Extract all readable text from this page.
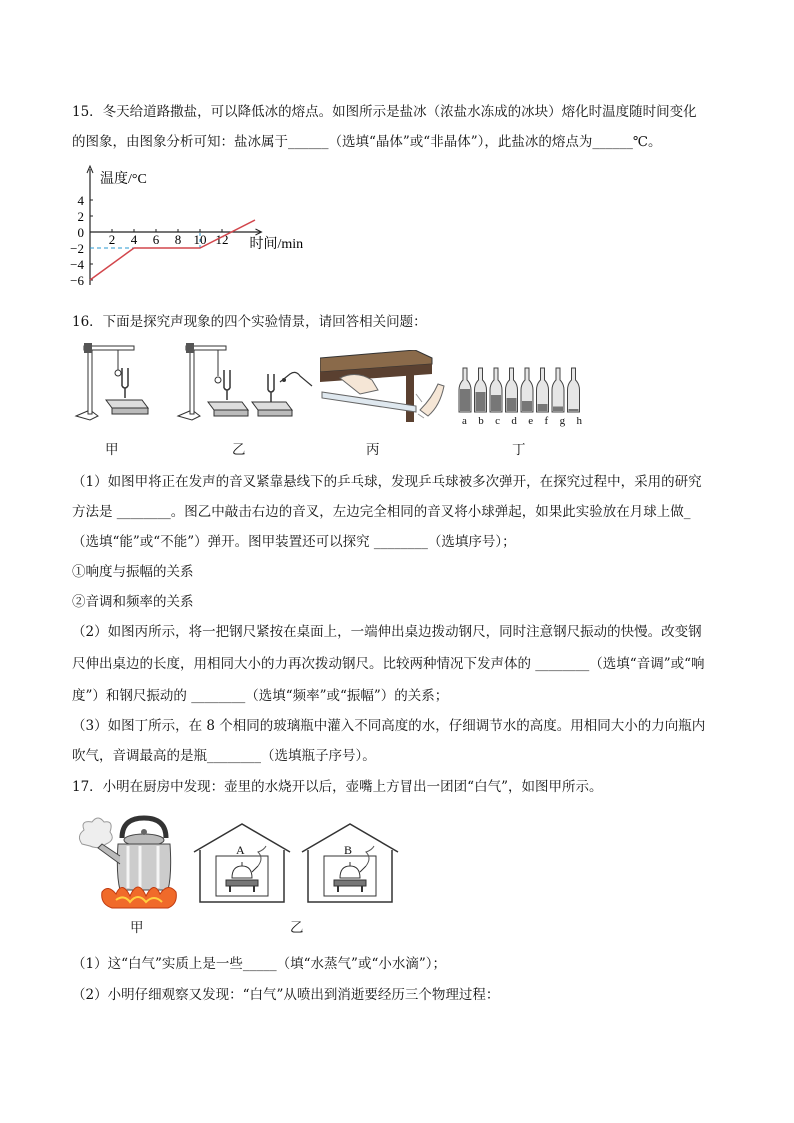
15．冬天给道路撒盐，可以降低冰的熔点。如图所示是盐冰（浓盐水冻成的冰块）熔化时温度随时间变化
的图象，由图象分析可知：盐冰属于______（选填“晶体”或“非晶体”），此盐冰的熔点为______℃。
温度/°C
时间/min
4
2
0
−2
−4
−6
2 4 6 8 10 12
16．下面是探究声现象的四个实验情景，请回答相关问题：
甲	乙	丙
a b c d e f g h
丁
（1）如图甲将正在发声的音叉紧靠悬线下的乒乓球，发现乒乓球被多次弹开，在探究过程中，采用的研究
方法是 ________。图乙中敲击右边的音叉，左边完全相同的音叉将小球弹起，如果此实验放在月球上做_
（选填“能”或“不能”）弹开。图甲装置还可以探究 ________（选填序号）；
①响度与振幅的关系
②音调和频率的关系
（2）如图丙所示，将一把钢尺紧按在桌面上，一端伸出桌边拨动钢尺，同时注意钢尺振动的快慢。改变钢
尺伸出桌边的长度，用相同大小的力再次拨动钢尺。比较两种情况下发声体的 ________（选填“音调”或“响
度”）和钢尺振动的 ________（选填“频率”或“振幅”）的关系；
（3）如图丁所示，在 8 个相同的玻璃瓶中灌入不同高度的水，仔细调节水的高度。用相同大小的力向瓶内
吹气，音调最高的是瓶________（选填瓶子序号）。
17．小明在厨房中发现：壶里的水烧开以后，壶嘴上方冒出一团团“白气”，如图甲所示。
甲
A	B
乙
（1）这“白气”实质上是一些_____（填“水蒸气”或“小水滴”）；
（2）小明仔细观察又发现：“白气”从喷出到消逝要经历三个物理过程：
